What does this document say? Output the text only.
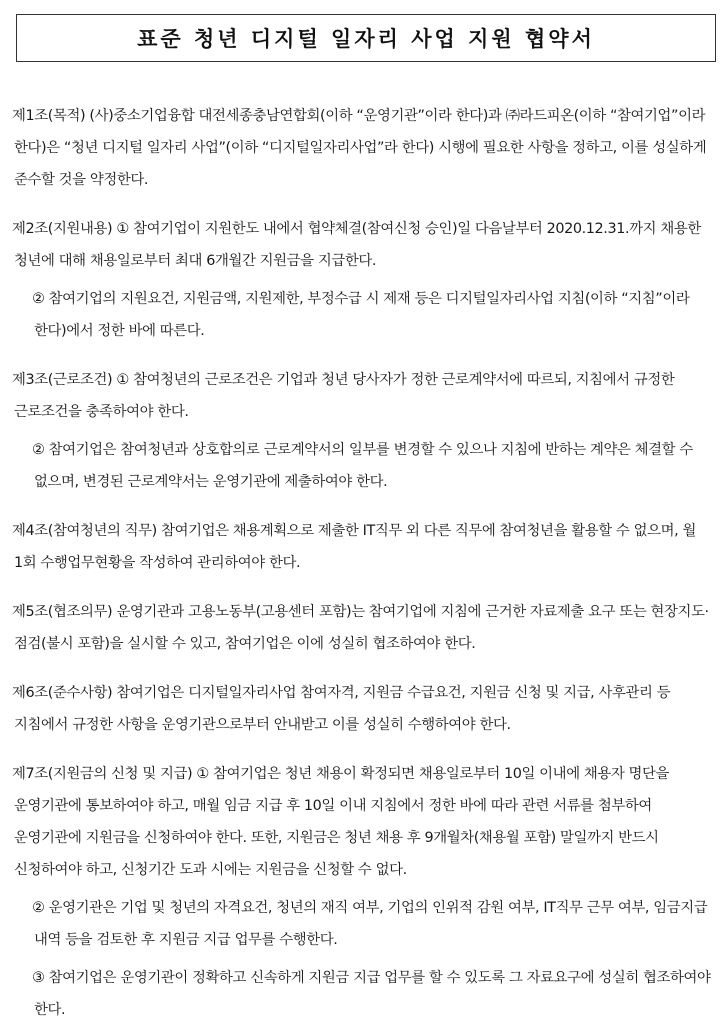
표준 청년 디지털 일자리 사업 지원 협약서

제1조(목적) (사)중소기업융합 대전세종충남연합회(이하 “운영기관”이라 한다)과 ㈜라드피온(이하 “참여기업”이라 한다)은 “청년 디지털 일자리 사업”(이하 “디지털일자리사업”라 한다) 시행에 필요한 사항을 정하고, 이를 성실하게 준수할 것을 약정한다.

제2조(지원내용) ① 참여기업이 지원한도 내에서 협약체결(참여신청 승인)일 다음날부터 2020.12.31.까지 채용한 청년에 대해 채용일로부터 최대 6개월간 지원금을 지급한다.

② 참여기업의 지원요건, 지원금액, 지원제한, 부정수급 시 제재 등은 디지털일자리사업 지침(이하 “지침”이라 한다)에서 정한 바에 따른다.

제3조(근로조건) ① 참여청년의 근로조건은 기업과 청년 당사자가 정한 근로계약서에 따르되, 지침에서 규정한 근로조건을 충족하여야 한다.

② 참여기업은 참여청년과 상호합의로 근로계약서의 일부를 변경할 수 있으나 지침에 반하는 계약은 체결할 수 없으며, 변경된 근로계약서는 운영기관에 제출하여야 한다.

제4조(참여청년의 직무) 참여기업은 채용계획으로 제출한 IT직무 외 다른 직무에 참여청년을 활용할 수 없으며, 월 1회 수행업무현황을 작성하여 관리하여야 한다.

제5조(협조의무) 운영기관과 고용노동부(고용센터 포함)는 참여기업에 지침에 근거한 자료제출 요구 또는 현장지도·점검(불시 포함)을 실시할 수 있고, 참여기업은 이에 성실히 협조하여야 한다.

제6조(준수사항) 참여기업은 디지털일자리사업 참여자격, 지원금 수급요건, 지원금 신청 및 지급, 사후관리 등 지침에서 규정한 사항을 운영기관으로부터 안내받고 이를 성실히 수행하여야 한다.

제7조(지원금의 신청 및 지급) ① 참여기업은 청년 채용이 확정되면 채용일로부터 10일 이내에 채용자 명단을 운영기관에 통보하여야 하고, 매월 임금 지급 후 10일 이내 지침에서 정한 바에 따라 관련 서류를 첨부하여 운영기관에 지원금을 신청하여야 한다. 또한, 지원금은 청년 채용 후 9개월차(채용월 포함) 말일까지 반드시 신청하여야 하고, 신청기간 도과 시에는 지원금을 신청할 수 없다.

② 운영기관은 기업 및 청년의 자격요건, 청년의 재직 여부, 기업의 인위적 감원 여부, IT직무 근무 여부, 임금지급 내역 등을 검토한 후 지원금 지급 업무를 수행한다.

③ 참여기업은 운영기관이 정확하고 신속하게 지원금 지급 업무를 할 수 있도록 그 자료요구에 성실히 협조하여야 한다.
